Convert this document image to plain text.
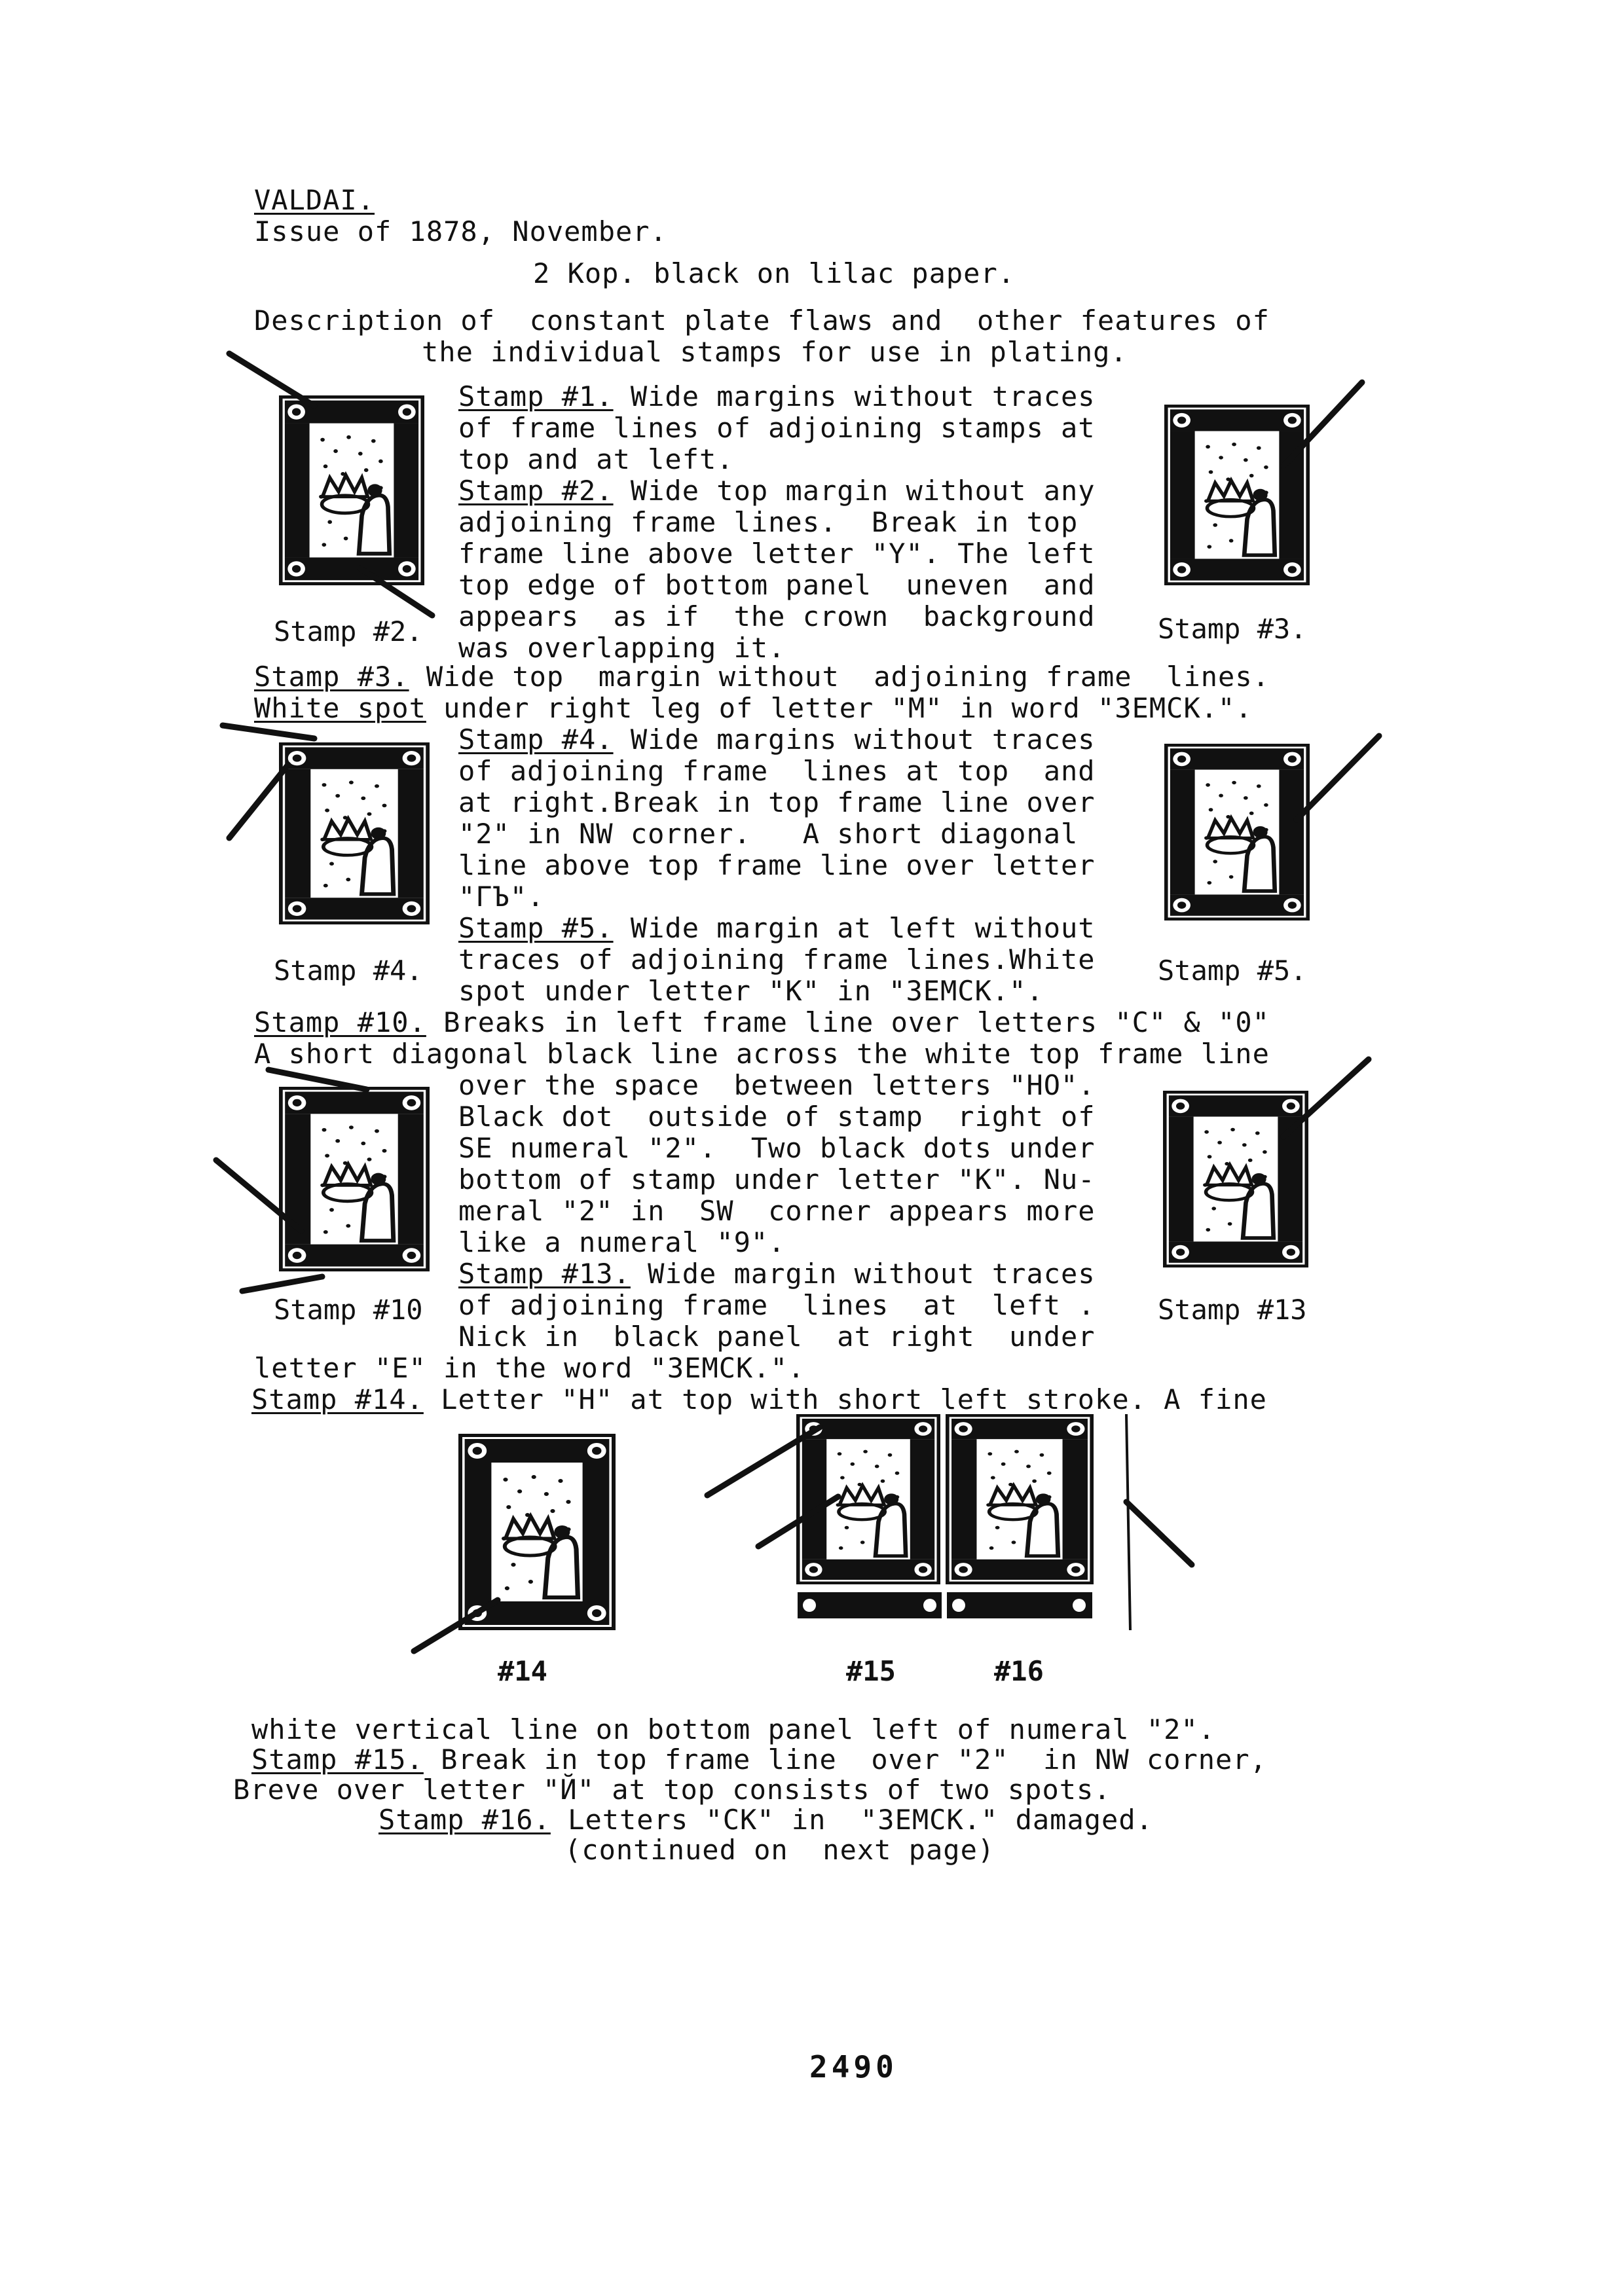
VALDAI.
Issue of 1878, November.
2 Kop. black on lilac paper.
Description of  constant plate flaws and  other features of
the individual stamps for use in plating.
Stamp #1. Wide margins without traces
of frame lines of adjoining stamps at
top and at left.
Stamp #2. Wide top margin without any
adjoining frame lines.  Break in top
frame line above letter "Y". The left
top edge of bottom panel  uneven  and
appears  as if  the crown  background
was overlapping it.
Stamp #2.	Stamp #3.
Stamp #3. Wide top  margin without  adjoining frame  lines.
White spot under right leg of letter "M" in word "3EMCK.".
Stamp #4. Wide margins without traces
of adjoining frame  lines at top  and
at right.Break in top frame line over
"2" in NW corner.   A short diagonal
line above top frame line over letter
"ГЪ".
Stamp #5. Wide margin at left without
traces of adjoining frame lines.White
spot under letter "K" in "3EMCK.".
Stamp #4.	Stamp #5.
Stamp #10. Breaks in left frame line over letters "C" & "0"
A short diagonal black line across the white top frame line
over the space  between letters "HO".
Black dot  outside of stamp  right of
SE numeral "2".  Two black dots under
bottom of stamp under letter "K". Nu-
meral "2" in  SW  corner appears more
like a numeral "9".
Stamp #13. Wide margin without traces
of adjoining frame  lines  at  left .
Nick in  black panel  at right  under
letter "E" in the word "3EMCK.".
Stamp #10	Stamp #13
Stamp #14. Letter "H" at top with short left stroke. A fine
#14	#15	#16
white vertical line on bottom panel left of numeral "2".
Stamp #15. Break in top frame line  over "2"  in NW corner,
Breve over letter "Й" at top consists of two spots.
Stamp #16. Letters "CK" in  "3EMCK." damaged.
(continued on  next page)
2490
